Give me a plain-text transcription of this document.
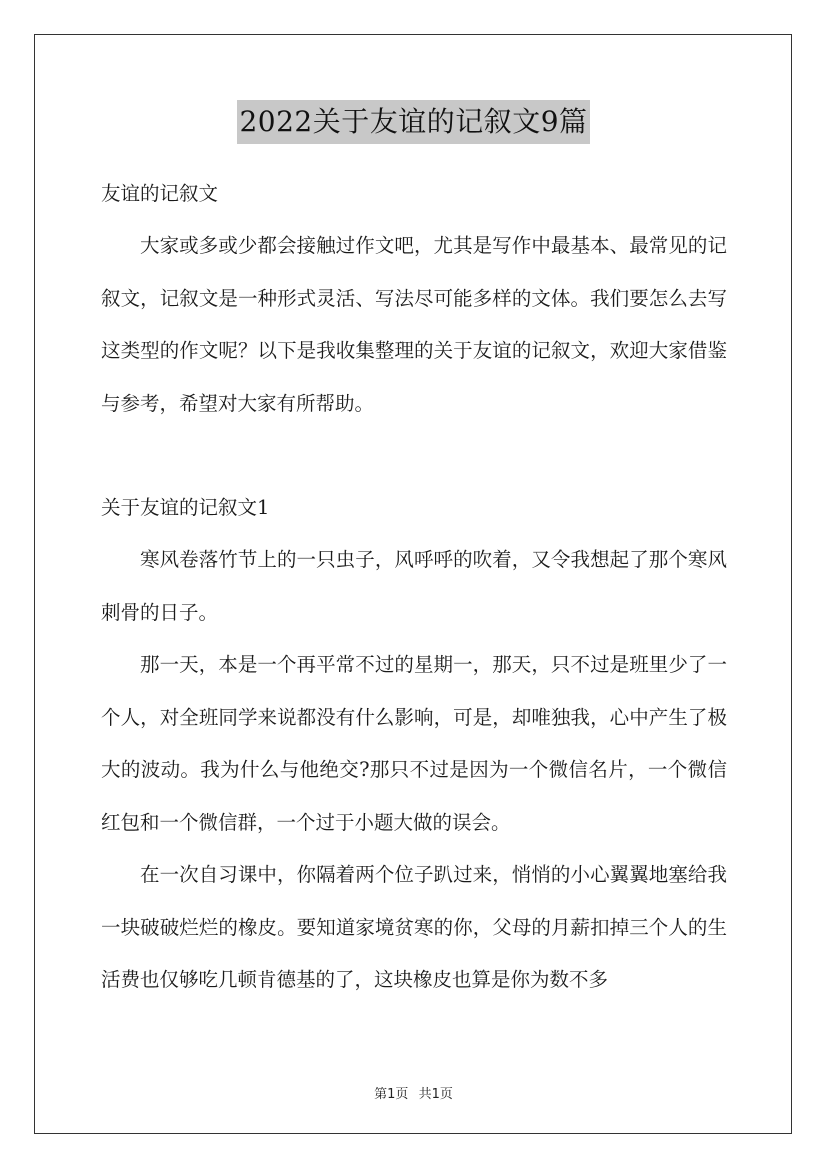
2022关于友谊的记叙文9篇

友谊的记叙文

大家或多或少都会接触过作文吧，尤其是写作中最基本、最常见的记叙文，记叙文是一种形式灵活、写法尽可能多样的文体。我们要怎么去写这类型的作文呢？以下是我收集整理的关于友谊的记叙文，欢迎大家借鉴与参考，希望对大家有所帮助。

关于友谊的记叙文1

寒风卷落竹节上的一只虫子，风呼呼的吹着，又令我想起了那个寒风刺骨的日子。

那一天，本是一个再平常不过的星期一，那天，只不过是班里少了一个人，对全班同学来说都没有什么影响，可是，却唯独我，心中产生了极大的波动。我为什么与他绝交?那只不过是因为一个微信名片，一个微信红包和一个微信群，一个过于小题大做的误会。

在一次自习课中，你隔着两个位子趴过来，悄悄的小心翼翼地塞给我一块破破烂烂的橡皮。要知道家境贫寒的你，父母的月薪扣掉三个人的生活费也仅够吃几顿肯德基的了，这块橡皮也算是你为数不多

第1页 共1页
